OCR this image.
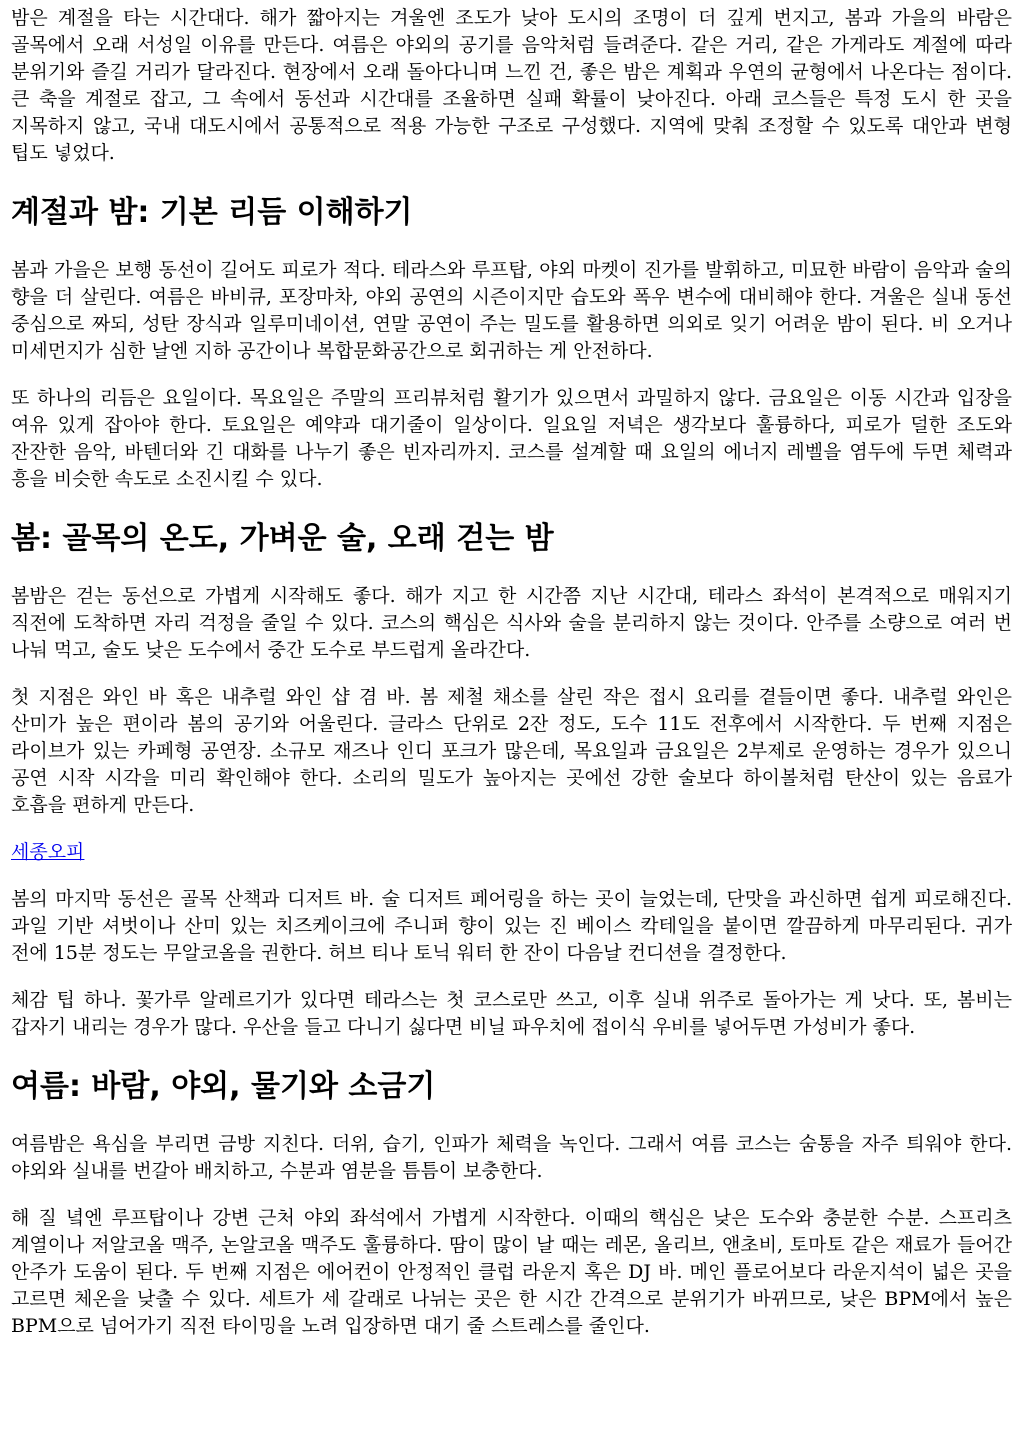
밤은 계절을 타는 시간대다. 해가 짧아지는 겨울엔 조도가 낮아 도시의 조명이 더 깊게 번지고, 봄과 가을의 바람은 골목에서 오래 서성일 이유를 만든다. 여름은 야외의 공기를 음악처럼 들려준다. 같은 거리, 같은 가게라도 계절에 따라 분위기와 즐길 거리가 달라진다. 현장에서 오래 돌아다니며 느낀 건, 좋은 밤은 계획과 우연의 균형에서 나온다는 점이다. 큰 축을 계절로 잡고, 그 속에서 동선과 시간대를 조율하면 실패 확률이 낮아진다. 아래 코스들은 특정 도시 한 곳을 지목하지 않고, 국내 대도시에서 공통적으로 적용 가능한 구조로 구성했다. 지역에 맞춰 조정할 수 있도록 대안과 변형 팁도 넣었다.

계절과 밤: 기본 리듬 이해하기

봄과 가을은 보행 동선이 길어도 피로가 적다. 테라스와 루프탑, 야외 마켓이 진가를 발휘하고, 미묘한 바람이 음악과 술의 향을 더 살린다. 여름은 바비큐, 포장마차, 야외 공연의 시즌이지만 습도와 폭우 변수에 대비해야 한다. 겨울은 실내 동선 중심으로 짜되, 성탄 장식과 일루미네이션, 연말 공연이 주는 밀도를 활용하면 의외로 잊기 어려운 밤이 된다. 비 오거나 미세먼지가 심한 날엔 지하 공간이나 복합문화공간으로 회귀하는 게 안전하다.

또 하나의 리듬은 요일이다. 목요일은 주말의 프리뷰처럼 활기가 있으면서 과밀하지 않다. 금요일은 이동 시간과 입장을 여유 있게 잡아야 한다. 토요일은 예약과 대기줄이 일상이다. 일요일 저녁은 생각보다 훌륭하다, 피로가 덜한 조도와 잔잔한 음악, 바텐더와 긴 대화를 나누기 좋은 빈자리까지. 코스를 설계할 때 요일의 에너지 레벨을 염두에 두면 체력과 흥을 비슷한 속도로 소진시킬 수 있다.

봄: 골목의 온도, 가벼운 술, 오래 걷는 밤

봄밤은 걷는 동선으로 가볍게 시작해도 좋다. 해가 지고 한 시간쯤 지난 시간대, 테라스 좌석이 본격적으로 매워지기 직전에 도착하면 자리 걱정을 줄일 수 있다. 코스의 핵심은 식사와 술을 분리하지 않는 것이다. 안주를 소량으로 여러 번 나눠 먹고, 술도 낮은 도수에서 중간 도수로 부드럽게 올라간다.

첫 지점은 와인 바 혹은 내추럴 와인 샵 겸 바. 봄 제철 채소를 살린 작은 접시 요리를 곁들이면 좋다. 내추럴 와인은 산미가 높은 편이라 봄의 공기와 어울린다. 글라스 단위로 2잔 정도, 도수 11도 전후에서 시작한다. 두 번째 지점은 라이브가 있는 카페형 공연장. 소규모 재즈나 인디 포크가 많은데, 목요일과 금요일은 2부제로 운영하는 경우가 있으니 공연 시작 시각을 미리 확인해야 한다. 소리의 밀도가 높아지는 곳에선 강한 술보다 하이볼처럼 탄산이 있는 음료가 호흡을 편하게 만든다.

세종오피

봄의 마지막 동선은 골목 산책과 디저트 바. 술 디저트 페어링을 하는 곳이 늘었는데, 단맛을 과신하면 쉽게 피로해진다. 과일 기반 셔벗이나 산미 있는 치즈케이크에 주니퍼 향이 있는 진 베이스 칵테일을 붙이면 깔끔하게 마무리된다. 귀가 전에 15분 정도는 무알코올을 권한다. 허브 티나 토닉 워터 한 잔이 다음날 컨디션을 결정한다.

체감 팁 하나. 꽃가루 알레르기가 있다면 테라스는 첫 코스로만 쓰고, 이후 실내 위주로 돌아가는 게 낫다. 또, 봄비는 갑자기 내리는 경우가 많다. 우산을 들고 다니기 싫다면 비닐 파우치에 접이식 우비를 넣어두면 가성비가 좋다.

여름: 바람, 야외, 물기와 소금기

여름밤은 욕심을 부리면 금방 지친다. 더위, 습기, 인파가 체력을 녹인다. 그래서 여름 코스는 숨통을 자주 틔워야 한다. 야외와 실내를 번갈아 배치하고, 수분과 염분을 틈틈이 보충한다.

해 질 녘엔 루프탑이나 강변 근처 야외 좌석에서 가볍게 시작한다. 이때의 핵심은 낮은 도수와 충분한 수분. 스프리츠 계열이나 저알코올 맥주, 논알코올 맥주도 훌륭하다. 땀이 많이 날 때는 레몬, 올리브, 앤초비, 토마토 같은 재료가 들어간 안주가 도움이 된다. 두 번째 지점은 에어컨이 안정적인 클럽 라운지 혹은 DJ 바. 메인 플로어보다 라운지석이 넓은 곳을 고르면 체온을 낮출 수 있다. 세트가 세 갈래로 나뉘는 곳은 한 시간 간격으로 분위기가 바뀌므로, 낮은 BPM에서 높은 BPM으로 넘어가기 직전 타이밍을 노려 입장하면 대기 줄 스트레스를 줄인다.
